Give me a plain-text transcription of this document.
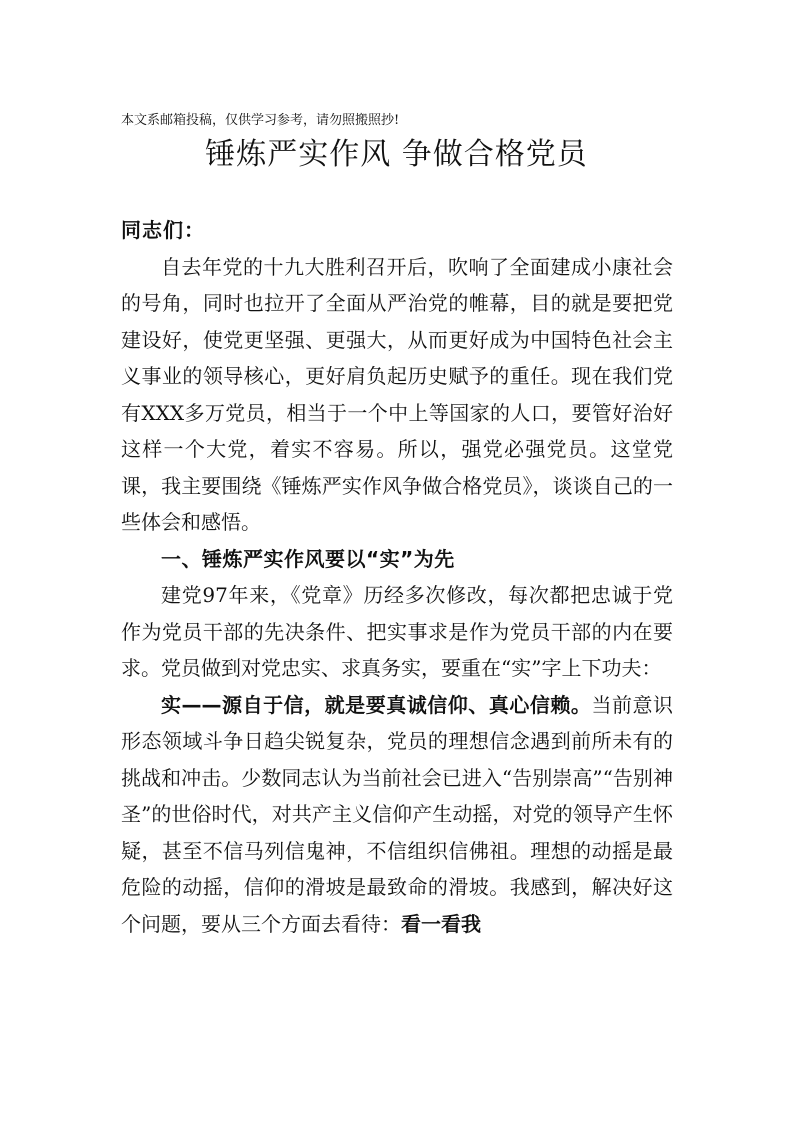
本文系邮箱投稿，仅供学习参考，请勿照搬照抄!
锤炼严实作风 争做合格党员

同志们：

自去年党的十九大胜利召开后，吹响了全面建成小康社会的号角，同时也拉开了全面从严治党的帷幕，目的就是要把党建设好，使党更坚强、更强大，从而更好成为中国特色社会主义事业的领导核心，更好肩负起历史赋予的重任。现在我们党有XXX多万党员，相当于一个中上等国家的人口，要管好治好这样一个大党，着实不容易。所以，强党必强党员。这堂党课，我主要围绕《锤炼严实作风争做合格党员》，谈谈自己的一些体会和感悟。

一、锤炼严实作风要以“实”为先

建党97年来，《党章》历经多次修改，每次都把忠诚于党作为党员干部的先决条件、把实事求是作为党员干部的内在要求。党员做到对党忠实、求真务实，要重在“实”字上下功夫：

实——源自于信，就是要真诚信仰、真心信赖。当前意识形态领域斗争日趋尖锐复杂，党员的理想信念遇到前所未有的挑战和冲击。少数同志认为当前社会已进入“告别崇高”“告别神圣”的世俗时代，对共产主义信仰产生动摇，对党的领导产生怀疑，甚至不信马列信鬼神，不信组织信佛祖。理想的动摇是最危险的动摇，信仰的滑坡是最致命的滑坡。我感到，解决好这个问题，要从三个方面去看待：看一看我
